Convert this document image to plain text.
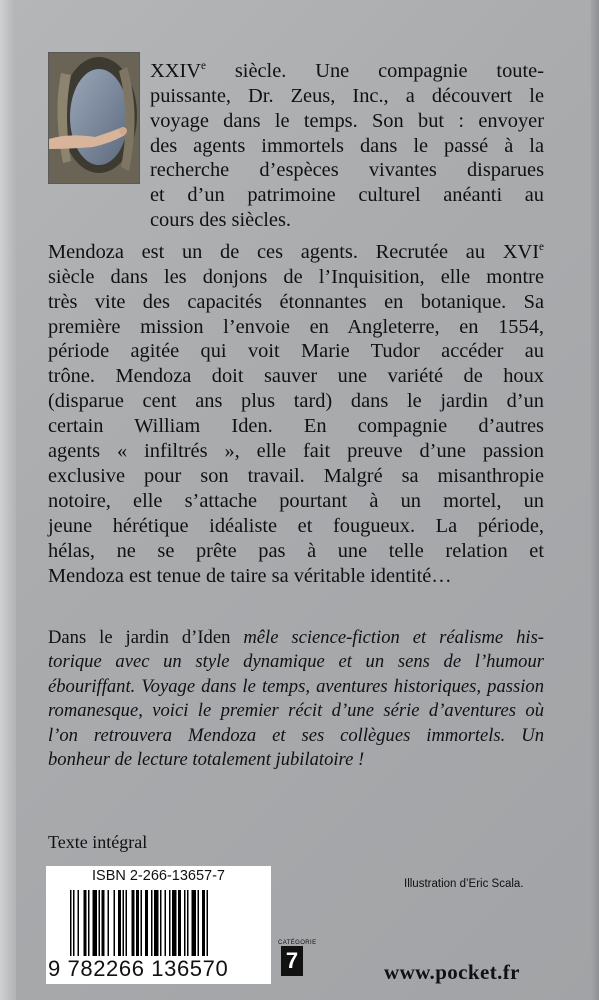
XXIVe siècle. Une compagnie toute-
puissante, Dr. Zeus, Inc., a découvert le
voyage dans le temps. Son but : envoyer
des agents immortels dans le passé à la
recherche d’espèces vivantes disparues
et d’un patrimoine culturel anéanti au
cours des siècles.
Mendoza est un de ces agents. Recrutée au XVIe
siècle dans les donjons de l’Inquisition, elle montre
très vite des capacités étonnantes en botanique. Sa
première mission l’envoie en Angleterre, en 1554,
période agitée qui voit Marie Tudor accéder au
trône. Mendoza doit sauver une variété de houx
(disparue cent ans plus tard) dans le jardin d’un
certain William Iden. En compagnie d’autres
agents « infiltrés », elle fait preuve d’une passion
exclusive pour son travail. Malgré sa misanthropie
notoire, elle s’attache pourtant à un mortel, un
jeune hérétique idéaliste et fougueux. La période,
hélas, ne se prête pas à une telle relation et
Mendoza est tenue de taire sa véritable identité…
Dans le jardin d’Iden mêle science-fiction et réalisme his-
torique avec un style dynamique et un sens de l’humour
ébouriffant. Voyage dans le temps, aventures historiques, passion
romanesque, voici le premier récit d’une série d’aventures où
l’on retrouvera Mendoza et ses collègues immortels. Un
bonheur de lecture totalement jubilatoire !
Texte intégral
ISBN 2-266-13657-7
9 782266 136570
Illustration d’Eric Scala.
CATÉGORIE
7	www.pocket.fr
